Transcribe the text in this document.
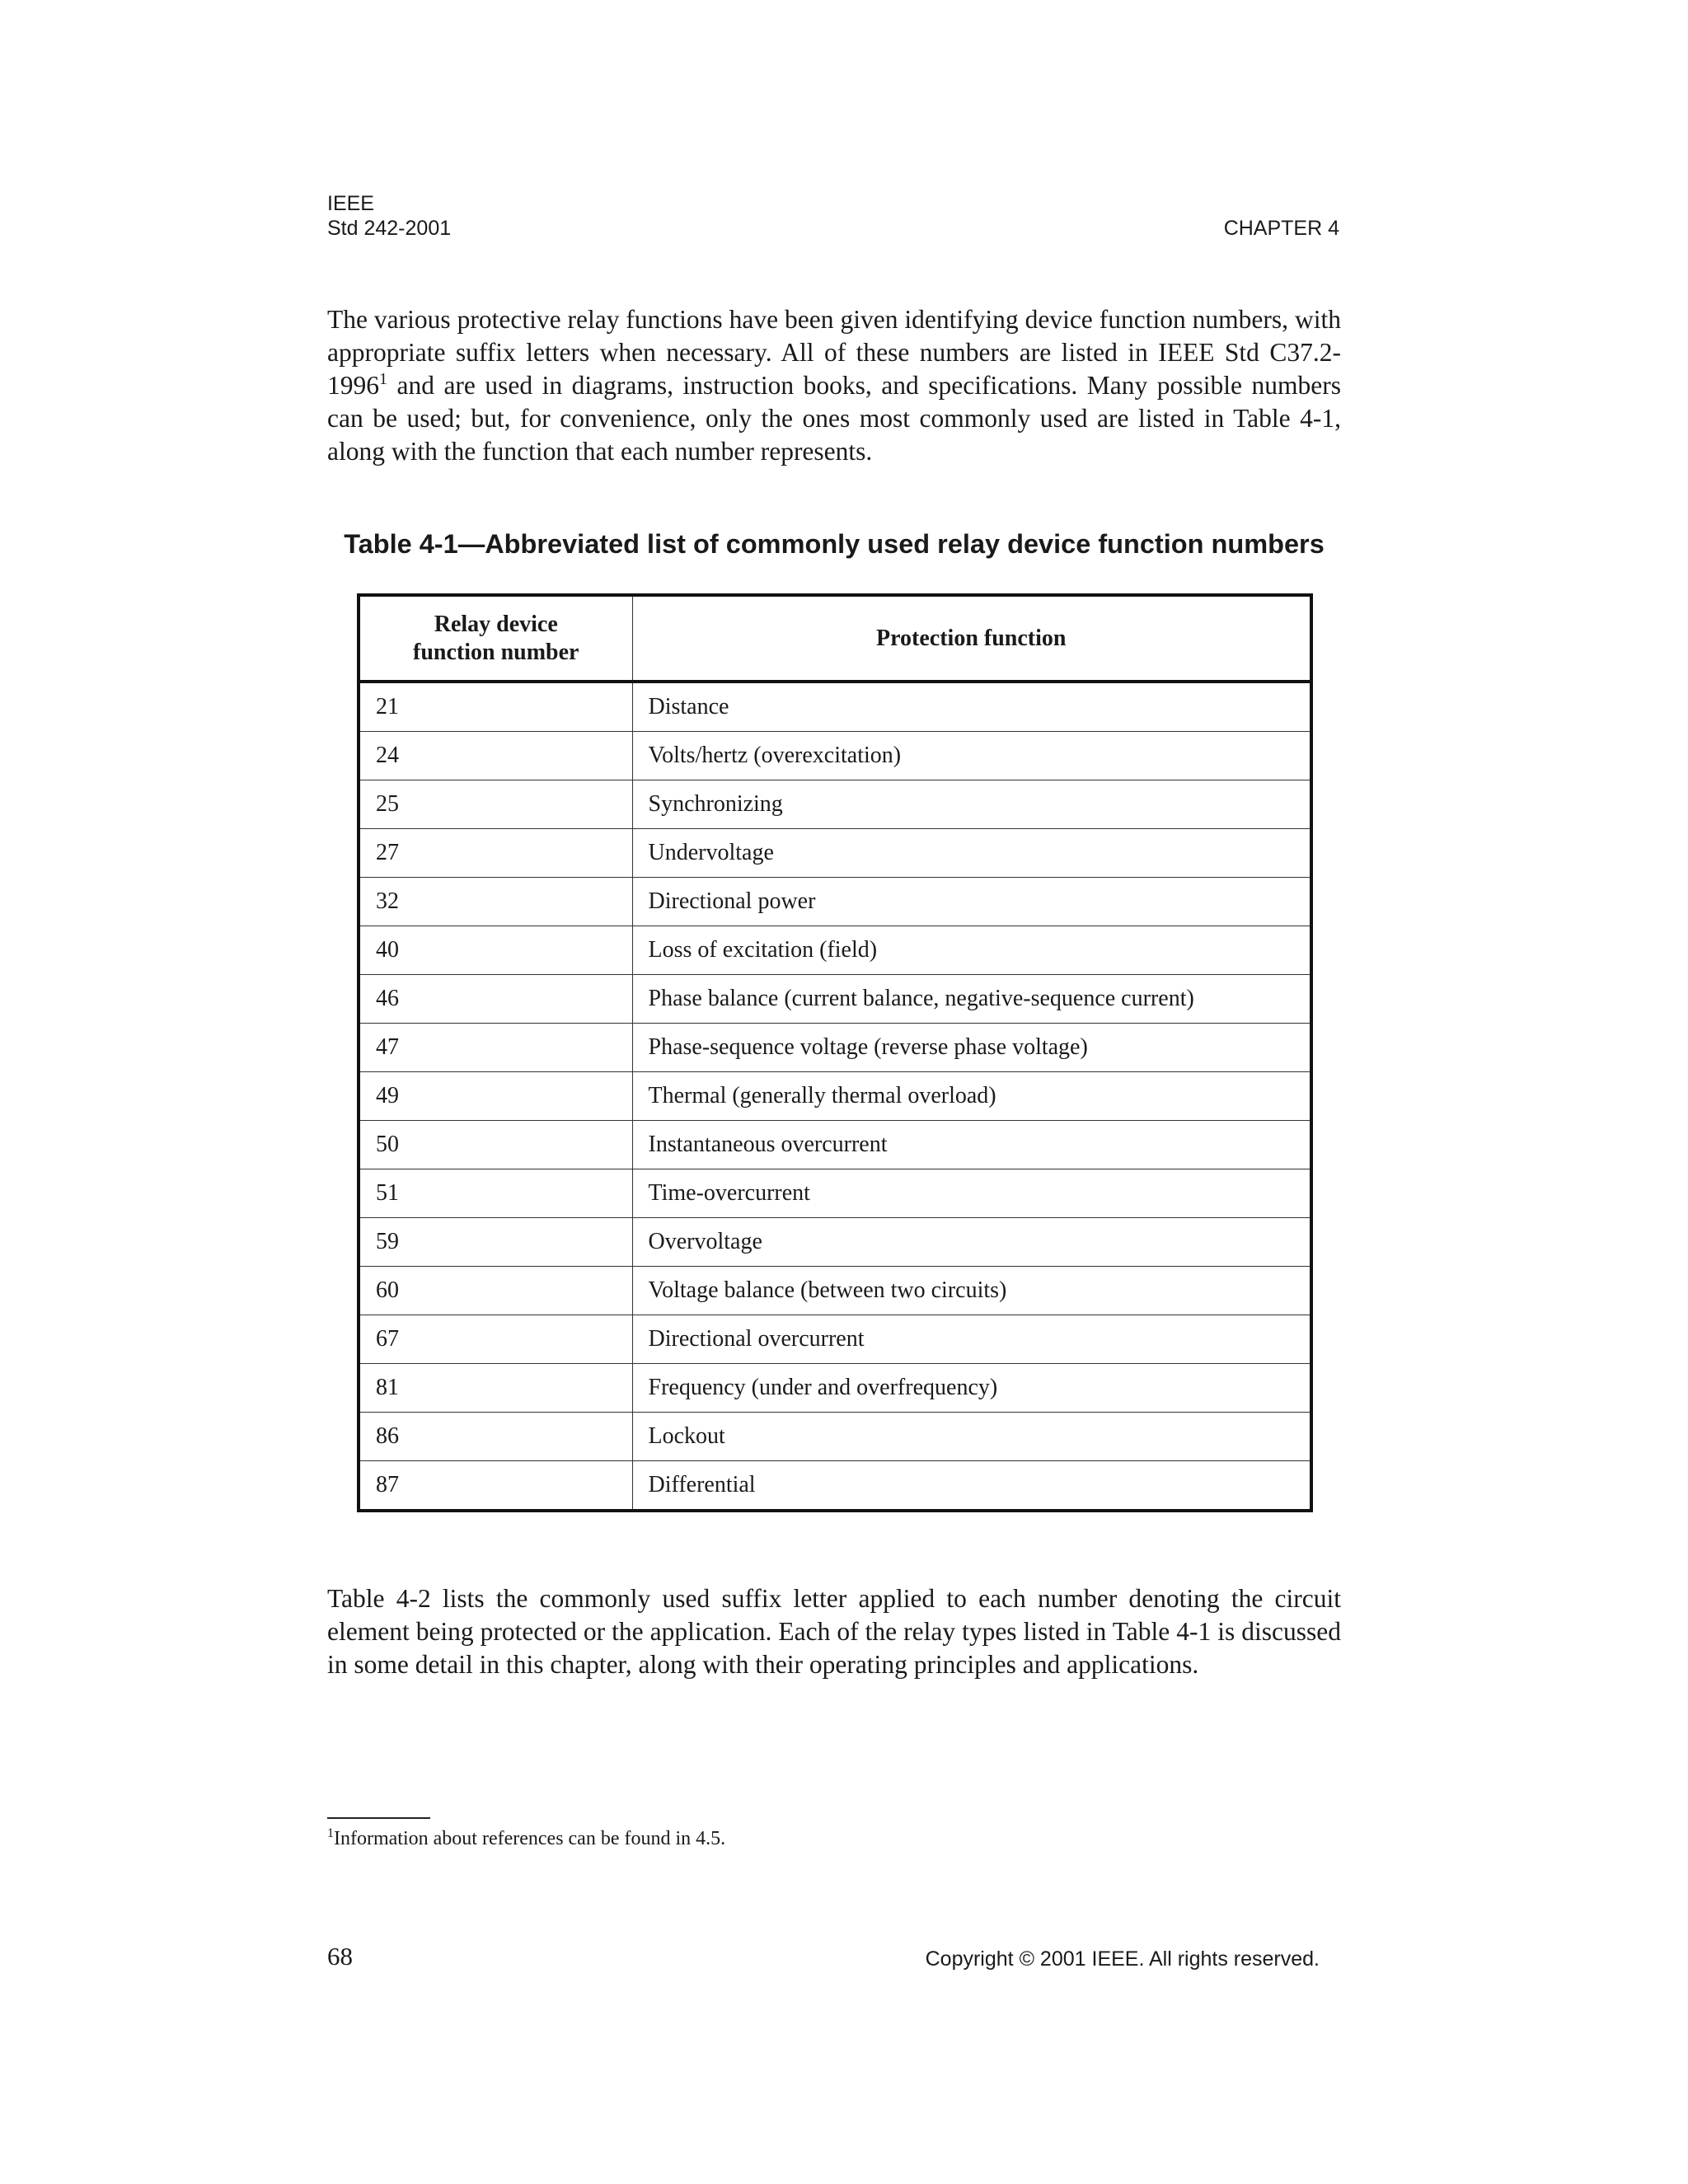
IEEE
Std 242-2001	CHAPTER 4

The various protective relay functions have been given identifying device function numbers, with appropriate suffix letters when necessary. All of these numbers are listed in IEEE Std C37.2-1996$^1$ and are used in diagrams, instruction books, and specifications. Many possible numbers can be used; but, for convenience, only the ones most commonly used are listed in Table 4-1, along with the function that each number represents.

Table 4-1—Abbreviated list of commonly used relay device function numbers
Relay device function number	Protection function
21	Distance
24	Volts/hertz (overexcitation)
25	Synchronizing
27	Undervoltage
32	Directional power
40	Loss of excitation (field)
46	Phase balance (current balance, negative-sequence current)
47	Phase-sequence voltage (reverse phase voltage)
49	Thermal (generally thermal overload)
50	Instantaneous overcurrent
51	Time-overcurrent
59	Overvoltage
60	Voltage balance (between two circuits)
67	Directional overcurrent
81	Frequency (under and overfrequency)
86	Lockout
87	Differential

Table 4-2 lists the commonly used suffix letter applied to each number denoting the circuit element being protected or the application. Each of the relay types listed in Table 4-1 is discussed in some detail in this chapter, along with their operating principles and applications.

$^1$Information about references can be found in 4.5.
68	Copyright © 2001 IEEE. All rights reserved.
